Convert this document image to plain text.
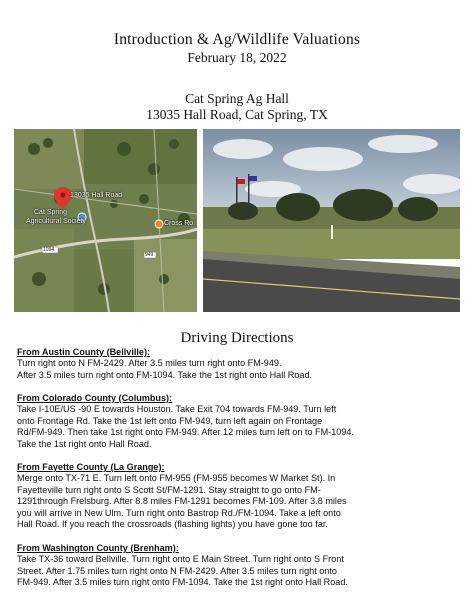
Introduction & Ag/Wildlife Valuations
February 18, 2022
Cat Spring Ag Hall
13035 Hall Road, Cat Spring, TX
13035 Hall Road
Cat Spring
Agricultural Society	Cross Ro
1094
949
Driving Directions

From Austin County (Bellville):

Turn right onto N FM-2429. After 3.5 miles turn right onto FM-949.

After 3.5 miles turn right onto FM-1094. Take the 1st right onto Hall Road.

From Colorado County (Columbus):

Take I-10E/US -90 E towards Houston. Take Exit 704 towards FM-949. Turn left

onto Frontage Rd. Take the 1st left onto FM-949, turn left again on Frontage

Rd/FM-949. Then take 1st right onto FM-949. After 12 miles turn left on to FM-1094.

Take the 1st right onto Hall Road.

From Fayette County (La Grange):

Merge onto TX-71 E. Turn left onto FM-955 (FM-955 becomes W Market St). In

Fayetteville turn right onto S Scott St/FM-1291. Stay straight to go onto FM-

1291through Frelsburg. After 8.8 miles FM-1291 becomes FM-109. After 3.8 miles

you will arrive in New Ulm. Turn right onto Bastrop Rd./FM-1094. Take a left onto

Hall Road. If you reach the crossroads (flashing lights) you have gone too far.

From Washington County (Brenham):

Take TX-36 toward Bellville. Turn right onto E Main Street. Turn right onto S Front

Street. After 1.75 miles turn right onto N FM-2429. After 3.5 miles turn right onto

FM-949. After 3.5 miles turn right onto FM-1094. Take the 1st right onto Hall Road.
